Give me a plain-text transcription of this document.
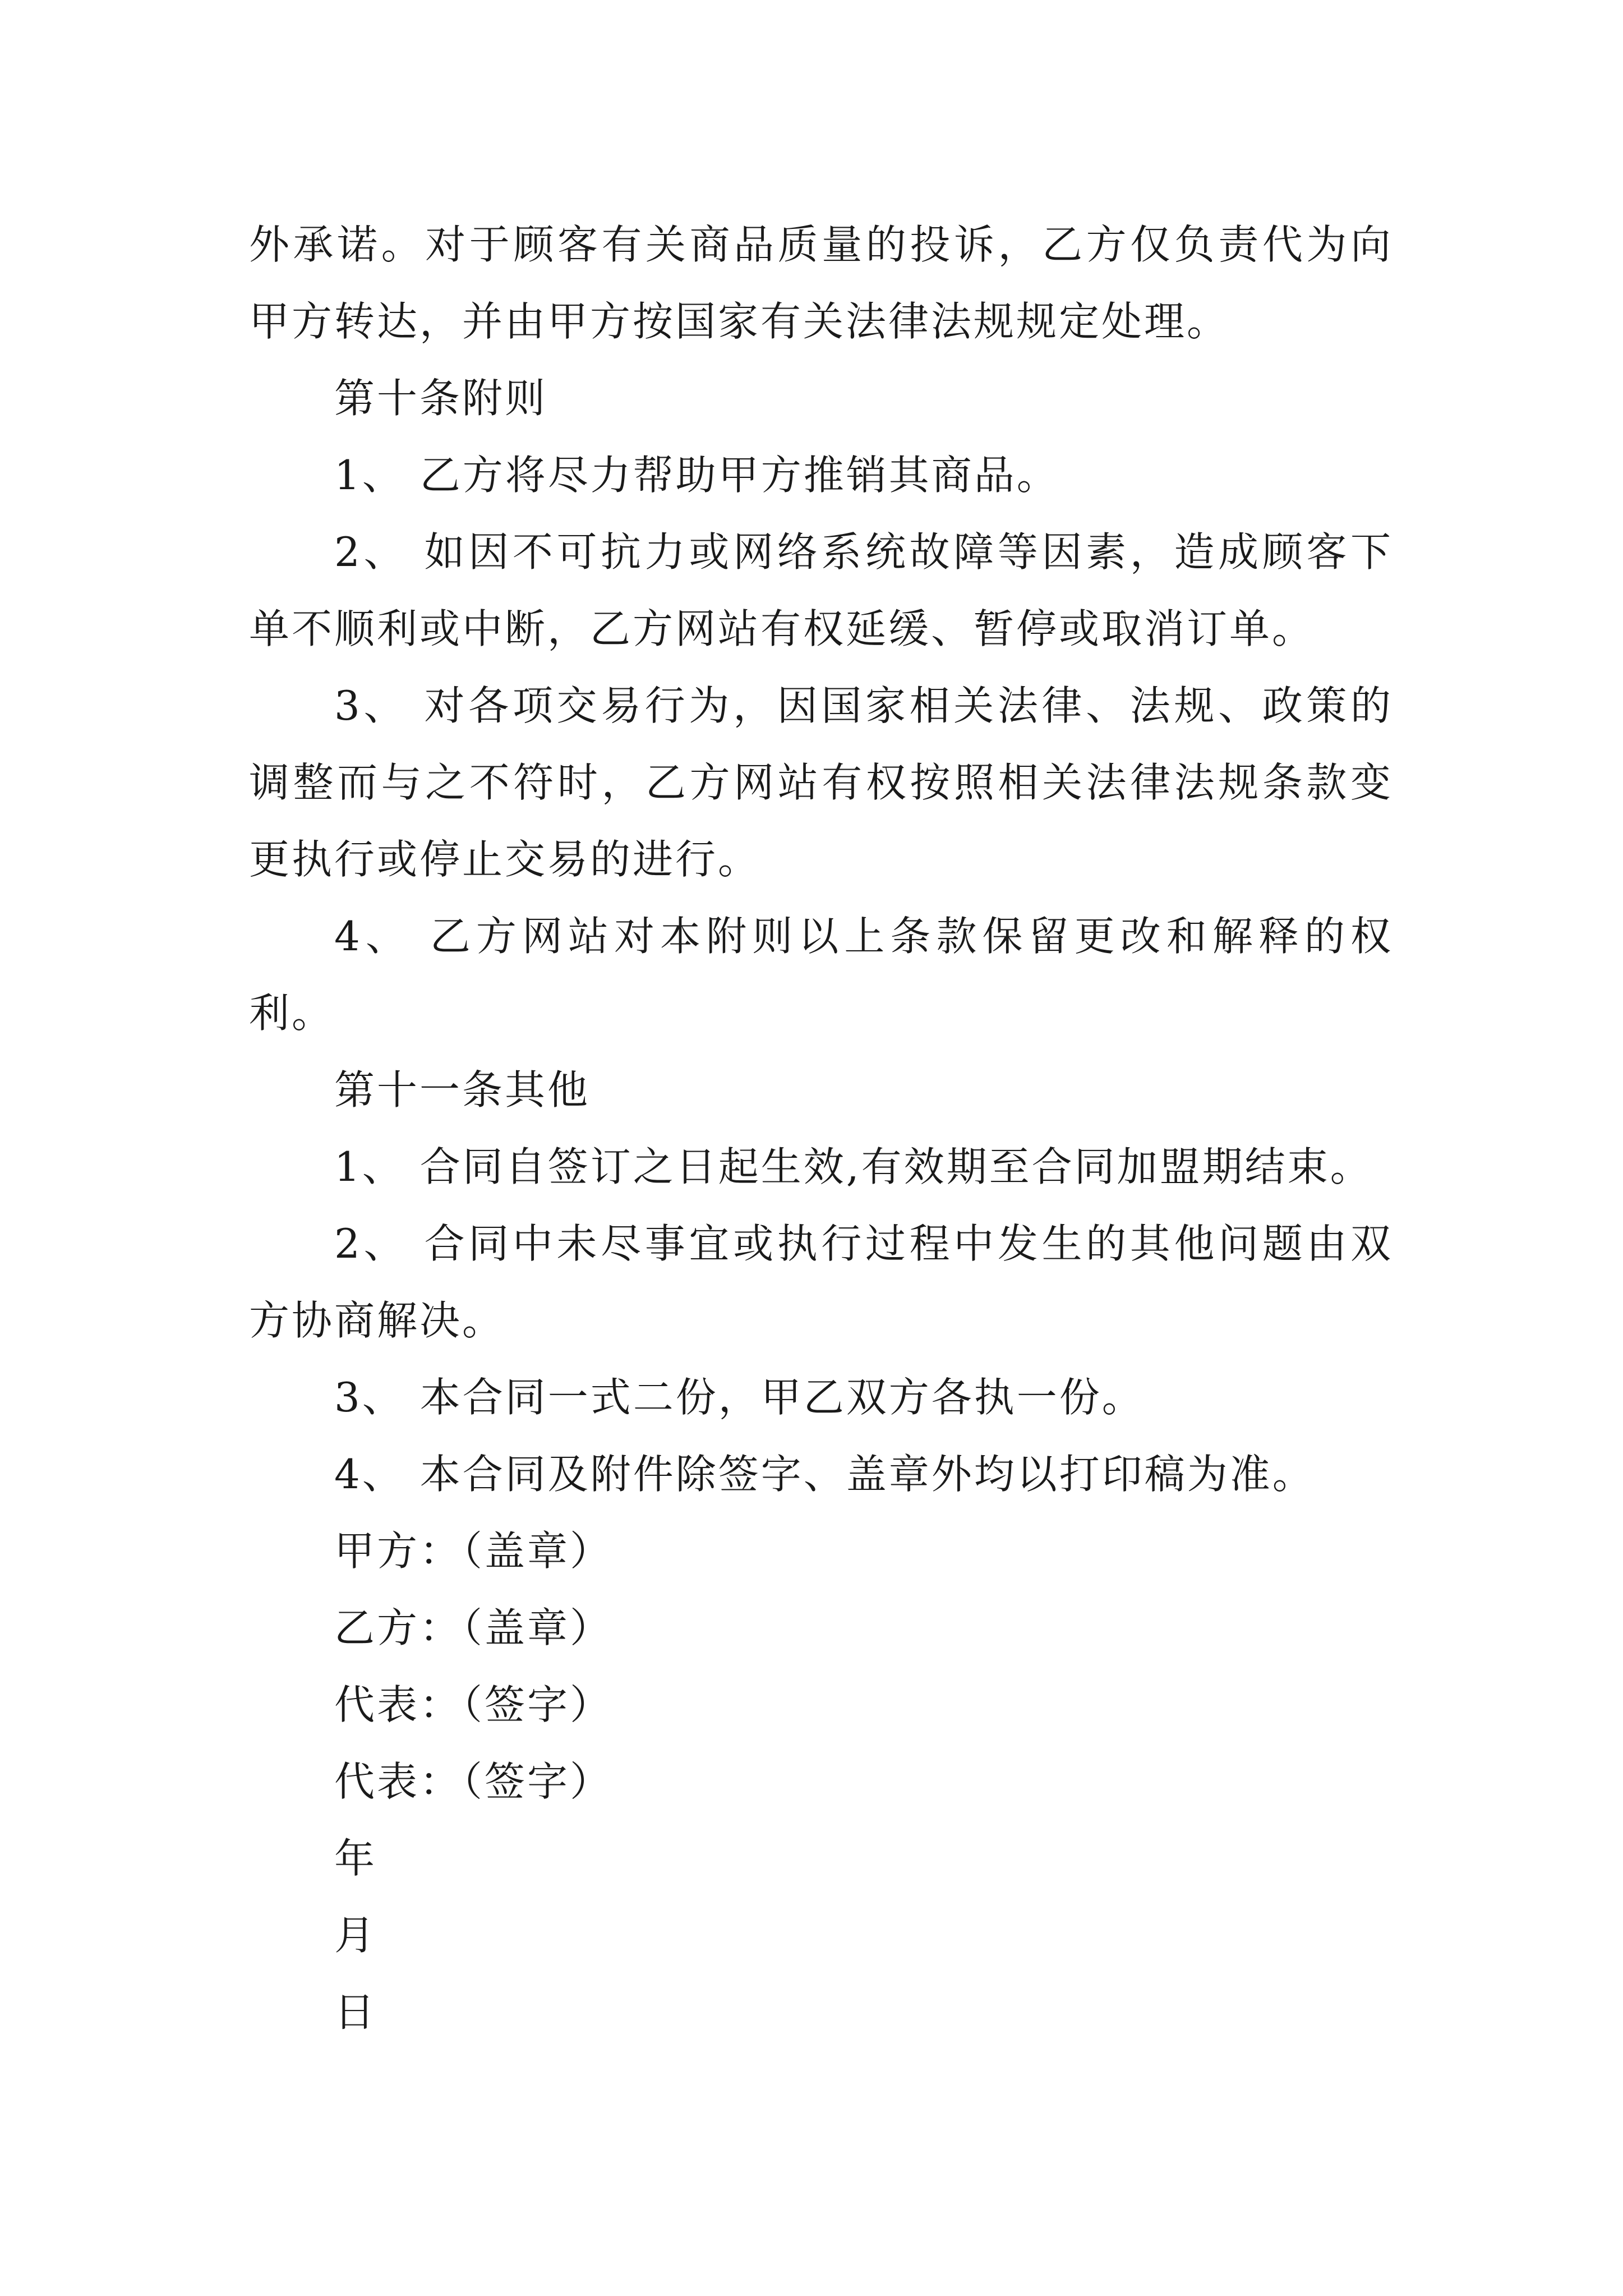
外承诺。对于顾客有关商品质量的投诉，乙方仅负责代为向甲方转达，并由甲方按国家有关法律法规规定处理。

第十条附则

1、 乙方将尽力帮助甲方推销其商品。

2、 如因不可抗力或网络系统故障等因素，造成顾客下单不顺利或中断，乙方网站有权延缓、暂停或取消订单。

3、 对各项交易行为，因国家相关法律、法规、政策的调整而与之不符时，乙方网站有权按照相关法律法规条款变更执行或停止交易的进行。

4、 乙方网站对本附则以上条款保留更改和解释的权利。

第十一条其他

1、 合同自签订之日起生效,有效期至合同加盟期结束。

2、 合同中未尽事宜或执行过程中发生的其他问题由双方协商解决。

3、 本合同一式二份，甲乙双方各执一份。

4、 本合同及附件除签字、盖章外均以打印稿为准。

甲方：（盖章）

乙方：（盖章）

代表：（签字）

代表：（签字）

年

月

日
